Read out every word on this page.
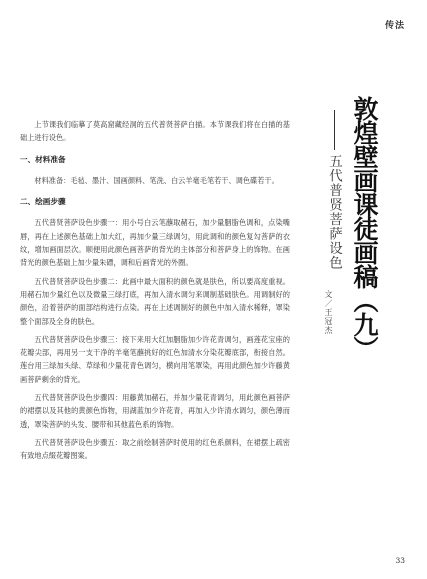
传法
敦煌壁画课徒画稿（九）
五代普贤菩萨设色
文／王冠杰

上节课我们临摹了莫高窟藏经洞的五代普贤菩萨白描。本节课我们将在白描的基础上进行设色。

一、材料准备

材料准备：毛毡、墨汁、国画颜料、笔洗、白云羊毫毛笔若干、调色碟若干。

二、绘画步骤

五代普贤菩萨设色步骤一：用小号白云笔蘸取赭石，加少量胭脂色调和，点染嘴唇，再在上述颜色基础上加大红，再加少量三绿调匀，用此调和的颜色复勾菩萨的衣纹，增加画面层次。顺便用此颜色画菩萨的背光的主体部分和菩萨身上的饰物。在画背光的颜色基础上加少量朱磦，调和后画背光的外圈。

五代普贤菩萨设色步骤二：此画中最大面积的颜色就是肤色，所以要高度重视。用赭石加少量红色以及微量三绿打底，再加入清水调匀来调制基础肤色。用调制好的颜色，沿着菩萨的面部结构进行点染。再在上述调制好的颜色中加入清水稀释，罩染整个面部及全身的肤色。

五代普贤菩萨设色步骤三：接下来用大红加胭脂加少许花青调匀，画莲花宝座的花瓣尖部，再用另一支干净的羊毫笔蘸挑好的红色加清水分染花瓣底部，衔接自然。莲台用三绿加头绿、草绿和少量花青色调匀，横向用笔罩染，再用此颜色加少许藤黄画菩萨剩余的背光。

五代普贤菩萨设色步骤四：用藤黄加赭石，并加少量花青调匀，用此颜色画菩萨的裙摆以及其他的黄颜色饰物，用湖蓝加少许花青，再加入少许清水调匀，颜色薄而透，罩染菩萨的头发、腰带和其他蓝色系的饰物。

五代普贤菩萨设色步骤五：取之前绘制菩萨时使用的红色系颜料，在裙摆上疏密有致地点缀花瓣图案。

33
